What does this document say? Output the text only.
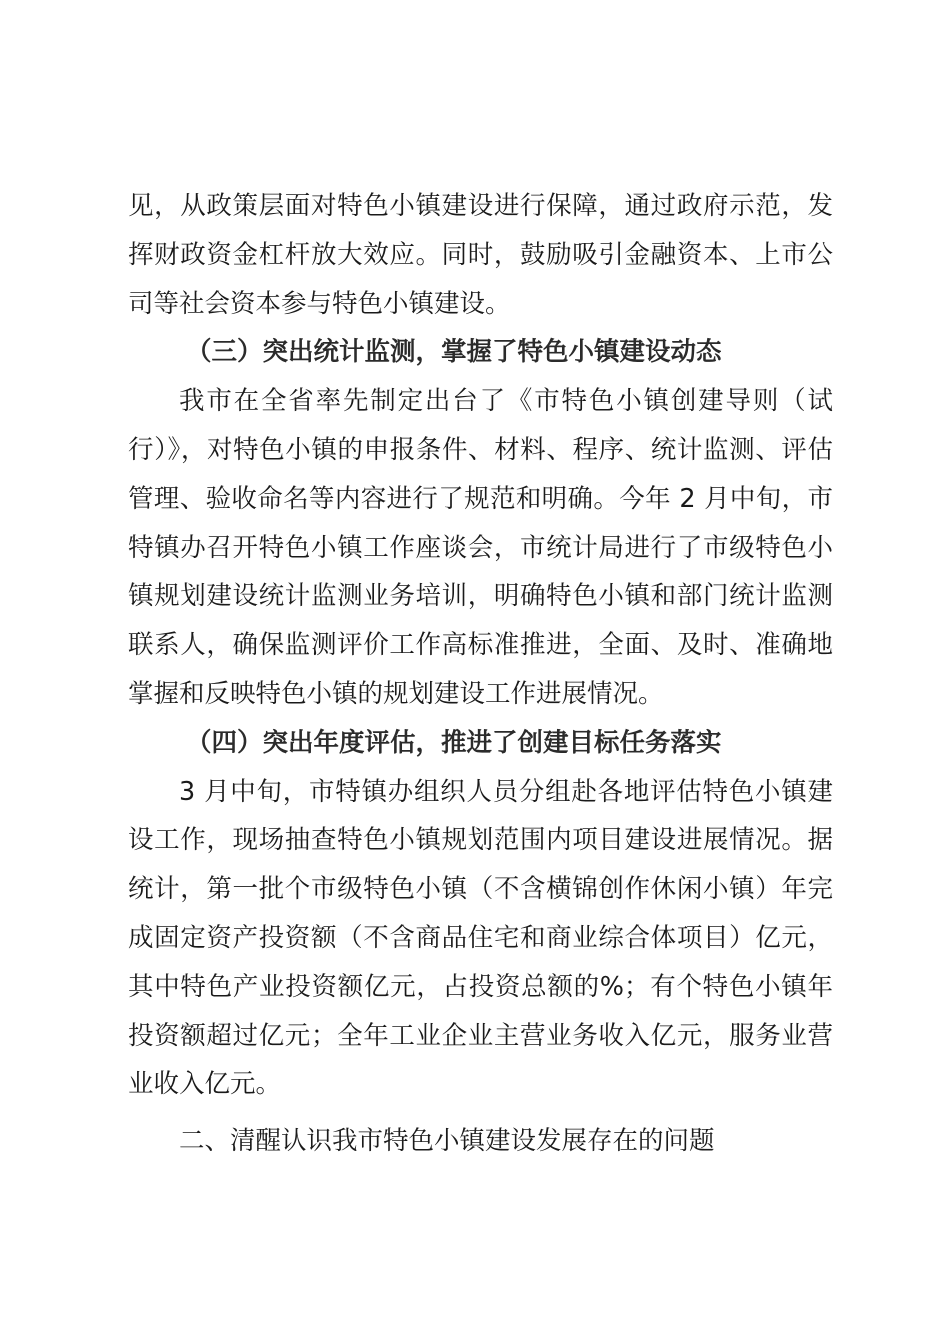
见，从政策层面对特色小镇建设进行保障，通过政府示范，发挥财政资金杠杆放大效应。同时，鼓励吸引金融资本、上市公司等社会资本参与特色小镇建设。

（三）突出统计监测，掌握了特色小镇建设动态

我市在全省率先制定出台了《市特色小镇创建导则（试行）》，对特色小镇的申报条件、材料、程序、统计监测、评估管理、验收命名等内容进行了规范和明确。今年 2 月中旬，市特镇办召开特色小镇工作座谈会，市统计局进行了市级特色小镇规划建设统计监测业务培训，明确特色小镇和部门统计监测联系人，确保监测评价工作高标准推进，全面、及时、准确地掌握和反映特色小镇的规划建设工作进展情况。

（四）突出年度评估，推进了创建目标任务落实

3 月中旬，市特镇办组织人员分组赴各地评估特色小镇建设工作，现场抽查特色小镇规划范围内项目建设进展情况。据统计，第一批个市级特色小镇（不含横锦创作休闲小镇）年完成固定资产投资额（不含商品住宅和商业综合体项目）亿元，其中特色产业投资额亿元，占投资总额的%；有个特色小镇年投资额超过亿元；全年工业企业主营业务收入亿元，服务业营业收入亿元。

二、清醒认识我市特色小镇建设发展存在的问题
